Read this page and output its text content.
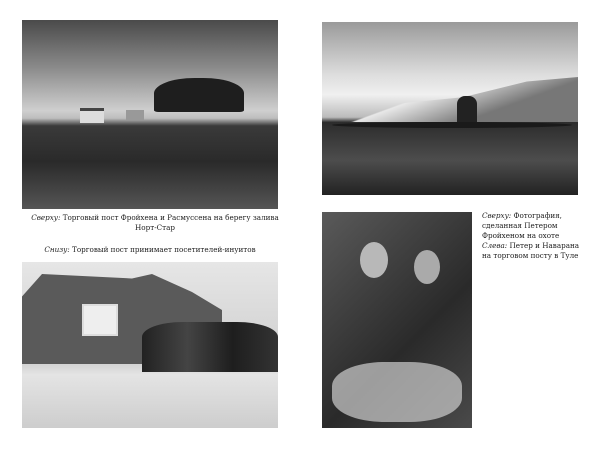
Сверху: Торговый пост Фройхена и Расмуссена на берегу залива Норт-Стар
Снизу: Торговый пост принимает посетителей-инуитов
Сверху: Фотография, сделанная Петером Фройхеном на охоте
Слева: Петер и Наварана на торговом посту в Туле
